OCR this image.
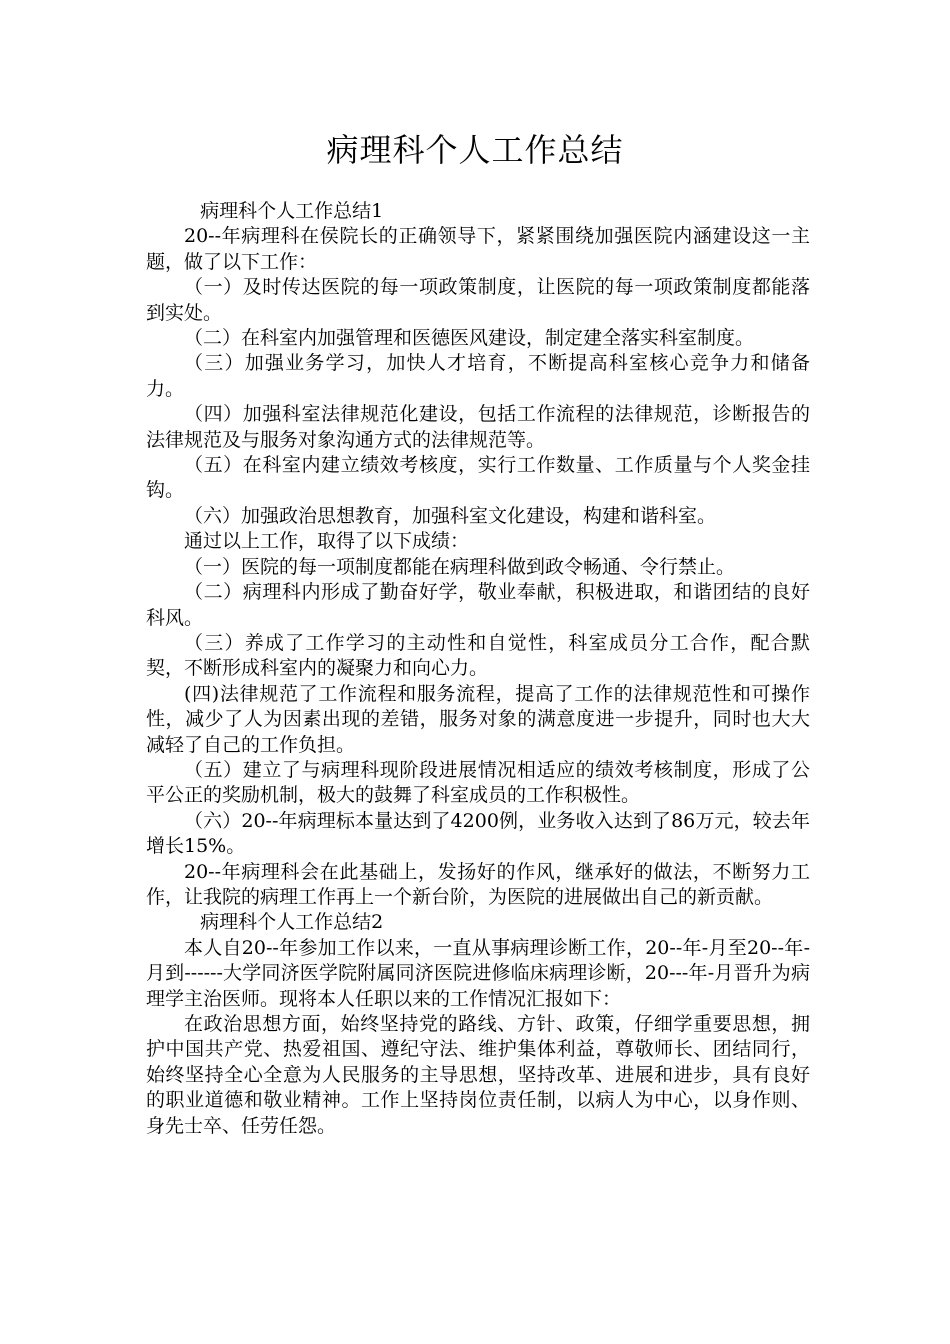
病理科个人工作总结

病理科个人工作总结1

20--年病理科在侯院长的正确领导下，紧紧围绕加强医院内涵建设这一主题，做了以下工作：

（一）及时传达医院的每一项政策制度，让医院的每一项政策制度都能落到实处。

（二）在科室内加强管理和医德医风建设，制定建全落实科室制度。

（三）加强业务学习，加快人才培育，不断提高科室核心竞争力和储备力。

（四）加强科室法律规范化建设，包括工作流程的法律规范，诊断报告的法律规范及与服务对象沟通方式的法律规范等。

（五）在科室内建立绩效考核度，实行工作数量、工作质量与个人奖金挂钩。

（六）加强政治思想教育，加强科室文化建设，构建和谐科室。

通过以上工作，取得了以下成绩：

（一）医院的每一项制度都能在病理科做到政令畅通、令行禁止。

（二）病理科内形成了勤奋好学，敬业奉献，积极进取，和谐团结的良好科风。

（三）养成了工作学习的主动性和自觉性，科室成员分工合作，配合默契，不断形成科室内的凝聚力和向心力。

(四)法律规范了工作流程和服务流程，提高了工作的法律规范性和可操作性，减少了人为因素出现的差错，服务对象的满意度进一步提升，同时也大大减轻了自己的工作负担。

（五）建立了与病理科现阶段进展情况相适应的绩效考核制度，形成了公平公正的奖励机制，极大的鼓舞了科室成员的工作积极性。

（六）20--年病理标本量达到了4200例，业务收入达到了86万元，较去年增长15%。

20--年病理科会在此基础上，发扬好的作风，继承好的做法，不断努力工作，让我院的病理工作再上一个新台阶，为医院的进展做出自己的新贡献。

病理科个人工作总结2

本人自20--年参加工作以来，一直从事病理诊断工作，20--年-月至20--年-月到------大学同济医学院附属同济医院进修临床病理诊断，20---年-月晋升为病理学主治医师。现将本人任职以来的工作情况汇报如下：

在政治思想方面，始终坚持党的路线、方针、政策，仔细学重要思想，拥护中国共产党、热爱祖国、遵纪守法、维护集体利益，尊敬师长、团结同行，始终坚持全心全意为人民服务的主导思想，坚持改革、进展和进步，具有良好的职业道德和敬业精神。工作上坚持岗位责任制，以病人为中心，以身作则、身先士卒、任劳任怨。
